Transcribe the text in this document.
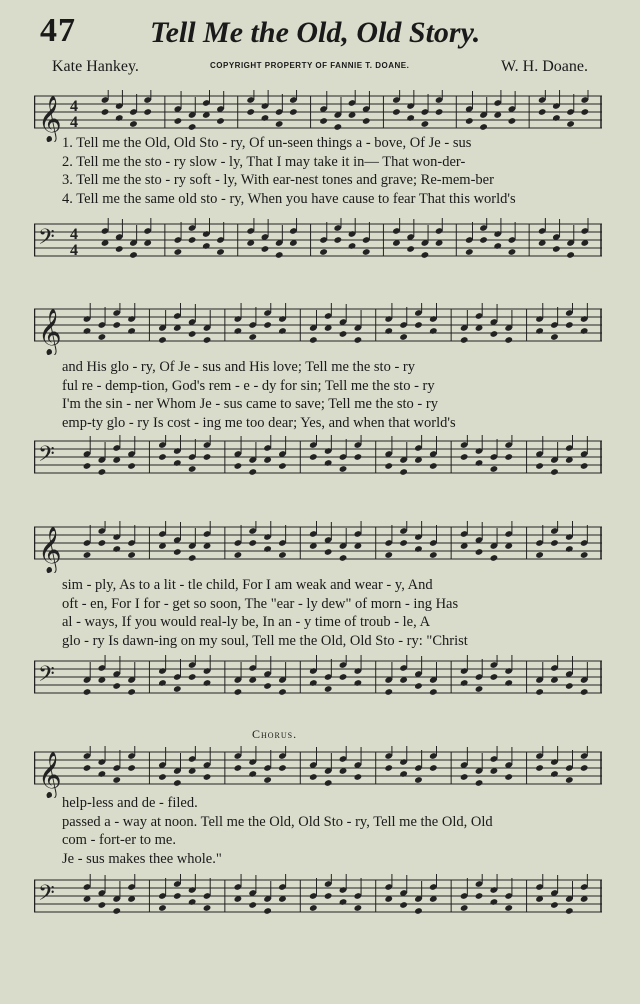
47 Tell Me the Old, Old Story.
Kate Hankey.	COPYRIGHT PROPERTY OF FANNIE T. DOANE.	W. H. Doane.
𝄞 4
4
1. Tell me the Old, Old Sto - ry, Of un-seen things a - bove, Of Je - sus
2. Tell me the sto - ry slow - ly, That I may take it in— That won-der-
3. Tell me the sto - ry soft - ly, With ear-nest tones and grave; Re-mem-ber
4. Tell me the same old sto - ry, When you have cause to fear That this world's
𝄢 4
4
𝄞
and His glo - ry, Of Je - sus and His love; Tell me the sto - ry
ful re - demp-tion, God's rem - e - dy for sin; Tell me the sto - ry
I'm the sin - ner Whom Je - sus came to save; Tell me the sto - ry
emp-ty glo - ry Is cost - ing me too dear; Yes, and when that world's
𝄢
𝄞
sim - ply, As to a lit - tle child, For I am weak and wear - y, And
oft - en, For I for - get so soon, The "ear - ly dew" of morn - ing Has
al - ways, If you would real-ly be, In an - y time of troub - le, A
glo - ry Is dawn-ing on my soul, Tell me the Old, Old Sto - ry: "Christ
𝄢
Chorus.
𝄞
help-less and de - filed.
passed a - way at noon. Tell me the Old, Old Sto - ry, Tell me the Old, Old
com - fort-er to me.
Je - sus makes thee whole."
𝄢
